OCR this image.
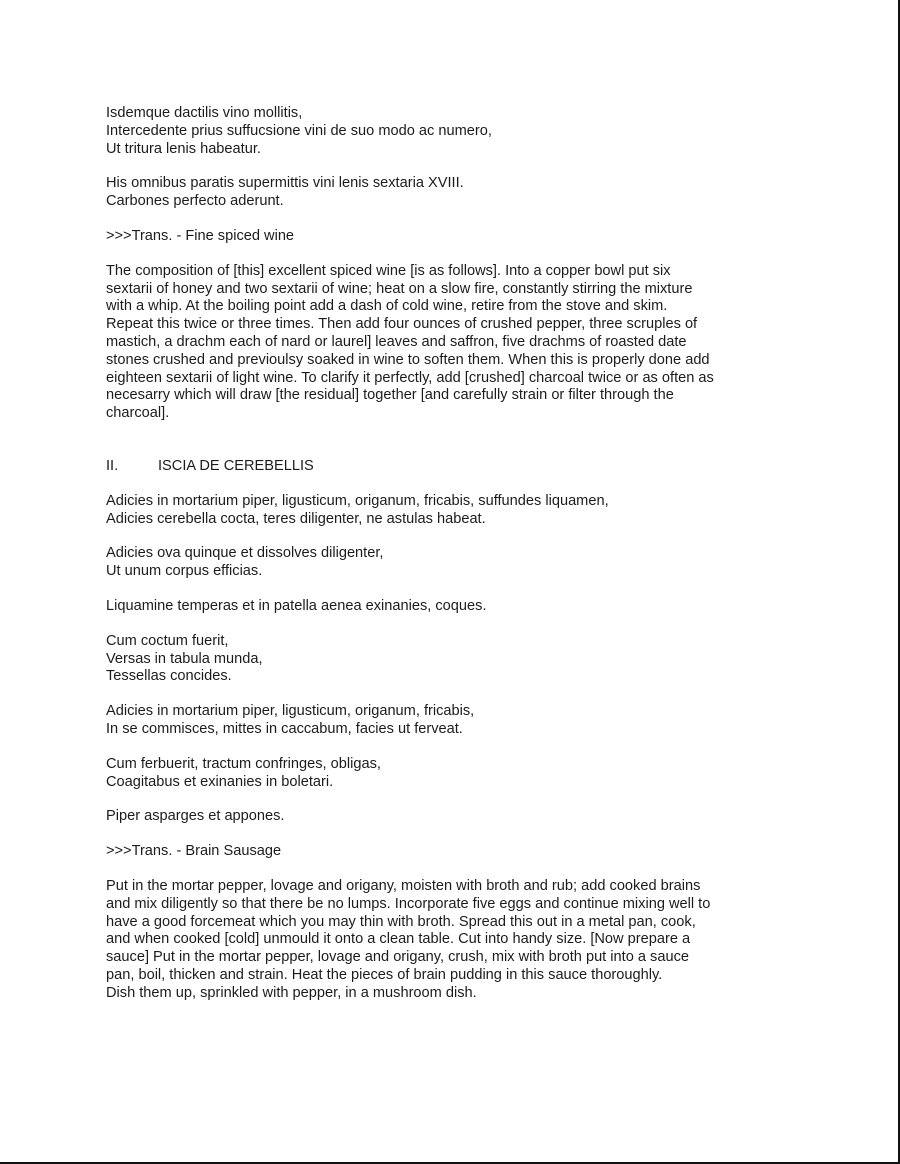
Isdemque dactilis vino mollitis,
Intercedente prius suffucsione vini de suo modo ac numero,
Ut tritura lenis habeatur.
His omnibus paratis supermittis vini lenis sextaria XVIII.
Carbones perfecto aderunt.
>>>Trans. - Fine spiced wine
The composition of [this] excellent spiced wine [is as follows]. Into a copper bowl put six
sextarii of honey and two sextarii of wine; heat on a slow fire, constantly stirring the mixture
with a whip. At the boiling point add a dash of cold wine, retire from the stove and skim.
Repeat this twice or three times. Then add four ounces of crushed pepper, three scruples of
mastich, a drachm each of nard or laurel] leaves and saffron, five drachms of roasted date
stones crushed and previoulsy soaked in wine to soften them. When this is properly done add
eighteen sextarii of light wine. To clarify it perfectly, add [crushed] charcoal twice or as often as
necesarry which will draw [the residual] together [and carefully strain or filter through the
charcoal].
II.	ISCIA DE CEREBELLIS
Adicies in mortarium piper, ligusticum, origanum, fricabis, suffundes liquamen,
Adicies cerebella cocta, teres diligenter, ne astulas habeat.
Adicies ova quinque et dissolves diligenter,
Ut unum corpus efficias.
Liquamine temperas et in patella aenea exinanies, coques.
Cum coctum fuerit,
Versas in tabula munda,
Tessellas concides.
Adicies in mortarium piper, ligusticum, origanum, fricabis,
In se commisces, mittes in caccabum, facies ut ferveat.
Cum ferbuerit, tractum confringes, obligas,
Coagitabus et exinanies in boletari.
Piper asparges et appones.
>>>Trans. - Brain Sausage
Put in the mortar pepper, lovage and origany, moisten with broth and rub; add cooked brains
and mix diligently so that there be no lumps. Incorporate five eggs and continue mixing well to
have a good forcemeat which you may thin with broth. Spread this out in a metal pan, cook,
and when cooked [cold] unmould it onto a clean table. Cut into handy size. [Now prepare a
sauce] Put in the mortar pepper, lovage and origany, crush, mix with broth put into a sauce
pan, boil, thicken and strain. Heat the pieces of brain pudding in this sauce thoroughly.
Dish them up, sprinkled with pepper, in a mushroom dish.
